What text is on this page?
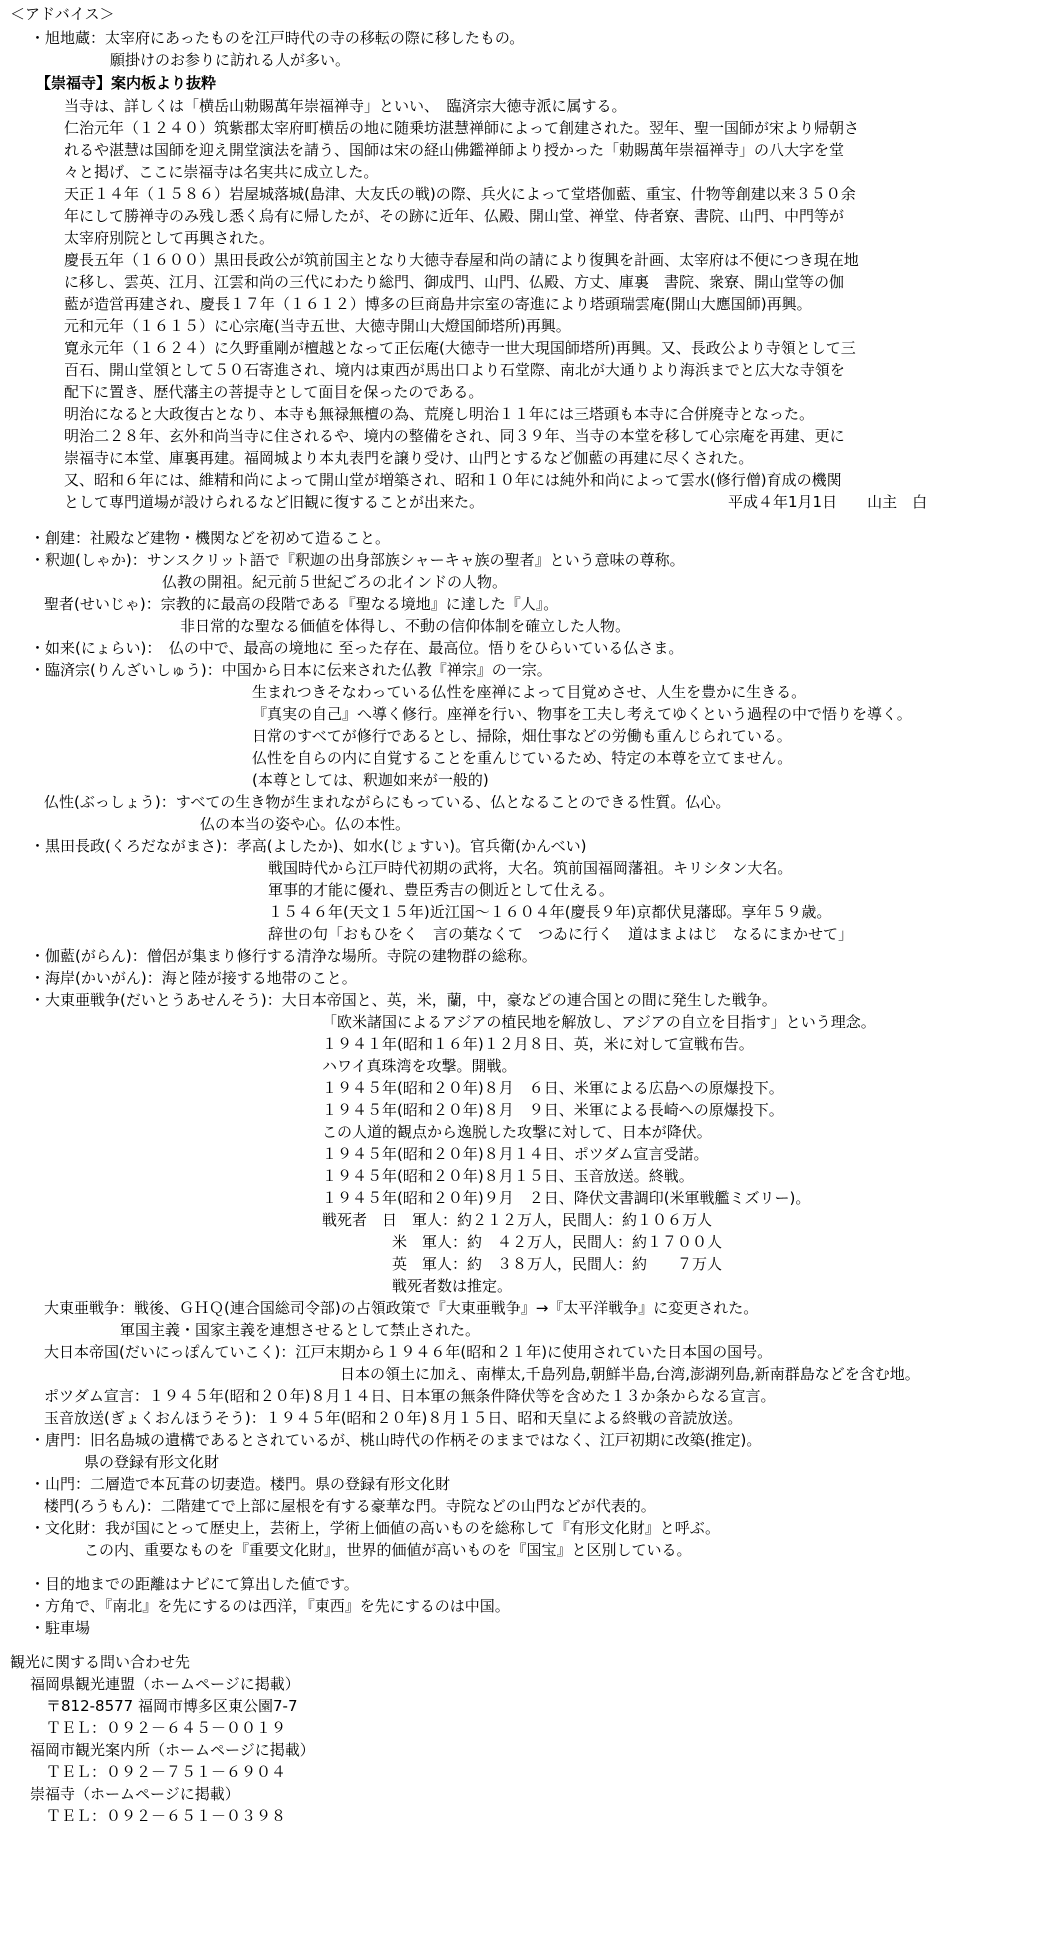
＜アドバイス＞
・旭地蔵：太宰府にあったものを江戸時代の寺の移転の際に移したもの。
願掛けのお参りに訪れる人が多い。
【崇福寺】案内板より抜粋
当寺は、詳しくは「横岳山勅賜萬年崇福禅寺」といい、　臨済宗大徳寺派に属する。
仁治元年（１２４０）筑紫郡太宰府町横岳の地に随乗坊湛慧禅師によって創建された。翌年、聖一国師が宋より帰朝さ
れるや湛慧は国師を迎え開堂演法を請う、国師は宋の経山佛鑑禅師より授かった「勅賜萬年崇福禅寺」の八大字を堂
々と掲げ、ここに崇福寺は名実共に成立した。
天正１４年（１５８６）岩屋城落城(島津、大友氏の戦)の際、兵火によって堂塔伽藍、重宝、什物等創建以来３５０余
年にして勝禅寺のみ残し悉く烏有に帰したが、その跡に近年、仏殿、開山堂、禅堂、侍者寮、書院、山門、中門等が
太宰府別院として再興された。
慶長五年（１６００）黒田長政公が筑前国主となり大徳寺春屋和尚の請により復興を計画、太宰府は不便につき現在地
に移し、雲英、江月、江雲和尚の三代にわたり総門、御成門、山門、仏殿、方丈、庫裏　書院、衆寮、開山堂等の伽
藍が造営再建され、慶長１７年（１６１２）博多の巨商島井宗室の寄進により塔頭瑞雲庵(開山大應国師)再興。
元和元年（１６１５）に心宗庵(当寺五世、大徳寺開山大燈国師塔所)再興。
寛永元年（１６２４）に久野重剛が檀越となって正伝庵(大徳寺一世大現国師塔所)再興。又、長政公より寺領として三
百石、開山堂領として５０石寄進され、境内は東西が馬出口より石堂際、南北が大通りより海浜までと広大な寺領を
配下に置き、歴代藩主の菩提寺として面目を保ったのである。
明治になると大政復古となり、本寺も無禄無檀の為、荒廃し明治１１年には三塔頭も本寺に合併廃寺となった。
明治二２８年、玄外和尚当寺に住されるや、境内の整備をされ、同３９年、当寺の本堂を移して心宗庵を再建、更に
崇福寺に本堂、庫裏再建。福岡城より本丸表門を譲り受け、山門とするなど伽藍の再建に尽くされた。
又、昭和６年には、維精和尚によって開山堂が増築され、昭和１０年には純外和尚によって雲水(修行僧)育成の機関
として専門道場が設けられるなど旧観に復することが出来た。	平成４年1月1日　　山主　白
・創建：社殿など建物・機関などを初めて造ること。
・釈迦(しゃか)：サンスクリット語で『釈迦の出身部族シャーキャ族の聖者』という意味の尊称。
仏教の開祖。紀元前５世紀ごろの北インドの人物。
聖者(せいじゃ)：宗教的に最高の段階である『聖なる境地』に達した『人』。
非日常的な聖なる価値を体得し、不動の信仰体制を確立した人物。
・如来(にょらい)：　仏の中で、最高の境地に 至った存在、最高位。悟りをひらいている仏さま。
・臨済宗(りんざいしゅう)：中国から日本に伝来された仏教『禅宗』の一宗。
生まれつきそなわっている仏性を座禅によって目覚めさせ、人生を豊かに生きる。
『真実の自己』へ導く修行。座禅を行い、物事を工夫し考えてゆくという過程の中で悟りを導く。
日常のすべてが修行であるとし、掃除，畑仕事などの労働も重んじられている。
仏性を自らの内に自覚することを重んじているため、特定の本尊を立てません。
(本尊としては、釈迦如来が一般的)
仏性(ぶっしょう)：すべての生き物が生まれながらにもっている、仏となることのできる性質。仏心。
仏の本当の姿や心。仏の本性。
・黒田長政(くろだながまさ)：孝高(よしたか)、如水(じょすい)。官兵衛(かんべい)
戦国時代から江戸時代初期の武将，大名。筑前国福岡藩祖。キリシタン大名。
軍事的才能に優れ、豊臣秀吉の側近として仕える。
１５４６年(天文１５年)近江国～１６０４年(慶長９年)京都伏見藩邸。享年５９歳。
辞世の句「おもひをく　言の葉なくて　つゐに行く　道はまよはじ　なるにまかせて」
・伽藍(がらん)：僧侶が集まり修行する清浄な場所。寺院の建物群の総称。
・海岸(かいがん)：海と陸が接する地帯のこと。
・大東亜戦争(だいとうあせんそう)：大日本帝国と、英，米，蘭，中，豪などの連合国との間に発生した戦争。
「欧米諸国によるアジアの植民地を解放し、アジアの自立を目指す」という理念。
１９４１年(昭和１６年)１２月８日、英，米に対して宣戦布告。
ハワイ真珠湾を攻撃。開戦。
１９４５年(昭和２０年)８月　６日、米軍による広島への原爆投下。
１９４５年(昭和２０年)８月　９日、米軍による長崎への原爆投下。
この人道的観点から逸脱した攻撃に対して、日本が降伏。
１９４５年(昭和２０年)８月１４日、ポツダム宣言受諾。
１９４５年(昭和２０年)８月１５日、玉音放送。終戦。
１９４５年(昭和２０年)９月　２日、降伏文書調印(米軍戦艦ミズリー)。
戦死者　日　軍人：約２１２万人，民間人：約１０６万人
米　軍人：約　４２万人，民間人：約１７００人
英　軍人：約　３８万人，民間人：約　　７万人
戦死者数は推定。
大東亜戦争：戦後、ＧＨＱ(連合国総司令部)の占領政策で『大東亜戦争』→『太平洋戦争』に変更された。
軍国主義・国家主義を連想させるとして禁止された。
大日本帝国(だいにっぽんていこく)：江戸末期から１９４６年(昭和２１年)に使用されていた日本国の国号。
日本の領土に加え、南樺太,千島列島,朝鮮半島,台湾,澎湖列島,新南群島などを含む地。
ポツダム宣言：１９４５年(昭和２０年)８月１４日、日本軍の無条件降伏等を含めた１３か条からなる宣言。
玉音放送(ぎょくおんほうそう)：１９４５年(昭和２０年)８月１５日、昭和天皇による終戦の音読放送。
・唐門：旧名島城の遺構であるとされているが、桃山時代の作柄そのままではなく、江戸初期に改築(推定)。
県の登録有形文化財
・山門：二層造で本瓦葺の切妻造。楼門。県の登録有形文化財
楼門(ろうもん)：二階建てで上部に屋根を有する豪華な門。寺院などの山門などが代表的。
・文化財：我が国にとって歴史上，芸術上，学術上価値の高いものを総称して『有形文化財』と呼ぶ。
この内、重要なものを『重要文化財』，世界的価値が高いものを『国宝』と区別している。
・目的地までの距離はナビにて算出した値です。
・方角で、『南北』を先にするのは西洋，『東西』を先にするのは中国。
・駐車場
観光に関する問い合わせ先
福岡県観光連盟（ホームページに掲載）
〒812-8577 福岡市博多区東公園7-7
ＴＥＬ：０９２－６４５－００１９
福岡市観光案内所（ホームページに掲載）
ＴＥＬ：０９２－７５１－６９０４
崇福寺（ホームページに掲載）
ＴＥＬ：０９２－６５１－０３９８
